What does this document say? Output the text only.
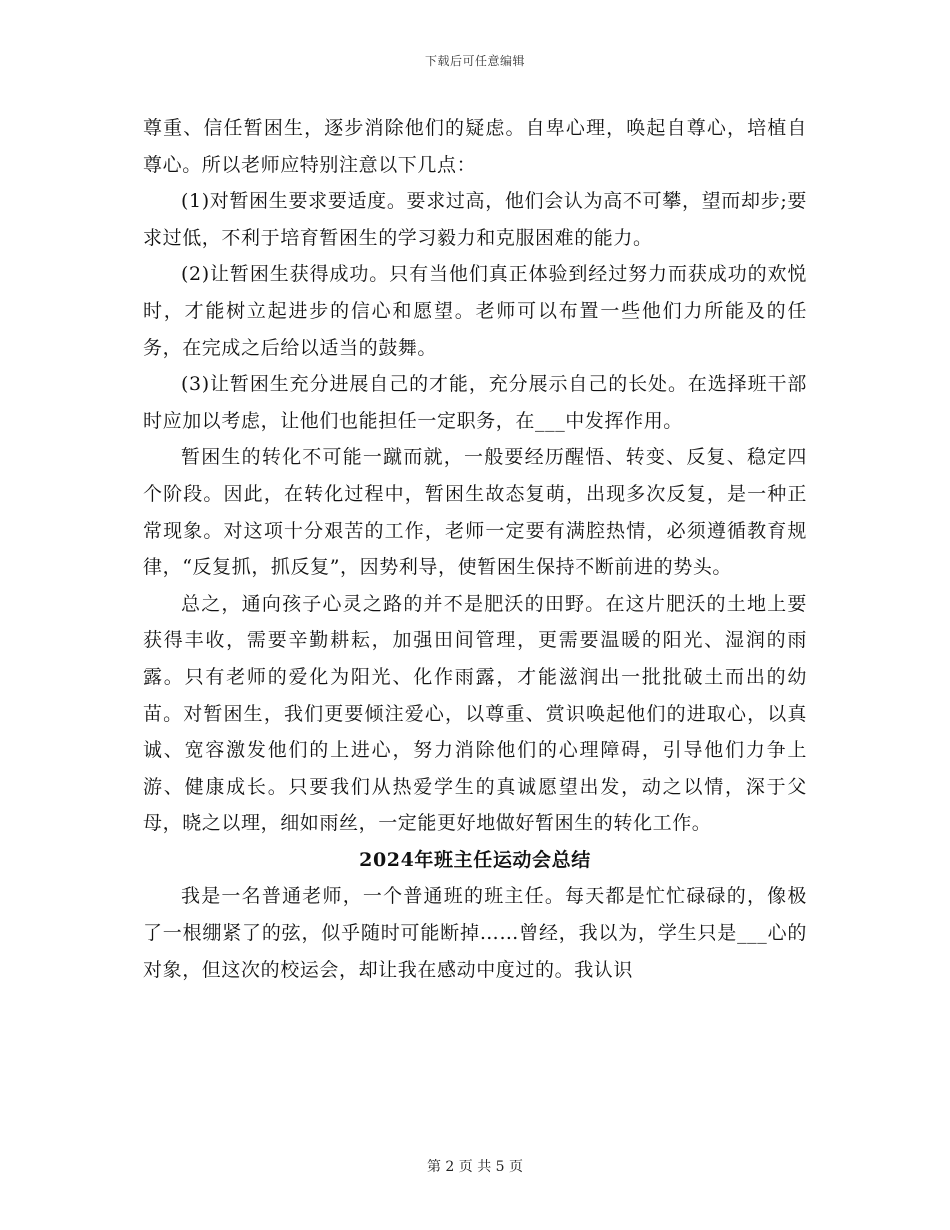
下载后可任意编辑

尊重、信任暂困生，逐步消除他们的疑虑。自卑心理，唤起自尊心，培植自尊心。所以老师应特别注意以下几点：

(1)对暂困生要求要适度。要求过高，他们会认为高不可攀，望而却步;要求过低，不利于培育暂困生的学习毅力和克服困难的能力。

(2)让暂困生获得成功。只有当他们真正体验到经过努力而获成功的欢悦时，才能树立起进步的信心和愿望。老师可以布置一些他们力所能及的任务，在完成之后给以适当的鼓舞。

(3)让暂困生充分进展自己的才能，充分展示自己的长处。在选择班干部时应加以考虑，让他们也能担任一定职务，在___中发挥作用。

暂困生的转化不可能一蹴而就，一般要经历醒悟、转变、反复、稳定四个阶段。因此，在转化过程中，暂困生故态复萌，出现多次反复，是一种正常现象。对这项十分艰苦的工作，老师一定要有满腔热情，必须遵循教育规律，“反复抓，抓反复”，因势利导，使暂困生保持不断前进的势头。

总之，通向孩子心灵之路的并不是肥沃的田野。在这片肥沃的土地上要获得丰收，需要辛勤耕耘，加强田间管理，更需要温暖的阳光、湿润的雨露。只有老师的爱化为阳光、化作雨露，才能滋润出一批批破土而出的幼苗。对暂困生，我们更要倾注爱心，以尊重、赏识唤起他们的进取心，以真诚、宽容激发他们的上进心，努力消除他们的心理障碍，引导他们力争上游、健康成长。只要我们从热爱学生的真诚愿望出发，动之以情，深于父母，晓之以理，细如雨丝，一定能更好地做好暂困生的转化工作。

2024年班主任运动会总结

我是一名普通老师，一个普通班的班主任。每天都是忙忙碌碌的，像极了一根绷紧了的弦，似乎随时可能断掉……曾经，我以为，学生只是___心的对象，但这次的校运会，却让我在感动中度过的。我认识

第 2 页 共 5 页
